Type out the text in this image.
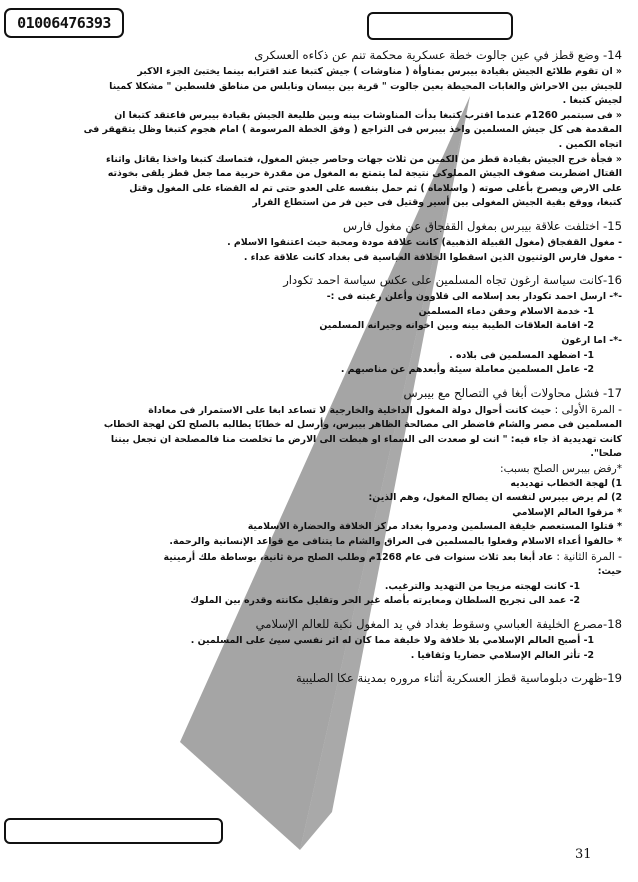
01006476393
14- وضع قطز في عين جالوت خطة عسكرية محكمة تنم عن ذكاءه العسكرى

« ان تقوم طلائع الجيش بقيادة بيبرس بمناوأة ( مناوشات ) جيش كتبغا عند اقترابه بينما يختبئ الجزء الاكبر

للجيش بين الاحراش والغابات المحيطة بعين جالوت " قرية بين بيسان ونابلس من مناطق فلسطين " مشكلا كمينا

لجيش كتبغا .

« فى سبتمبر 1260م عندما اقترب كتبغا بدأت المناوشات بينه وبين طليعة الجيش بقيادة بيبرس فاعتقد كتبغا ان

المقدمة هى كل جيش المسلمين واخذ بيبرس فى التراجع ( وفق الخطة المرسومة ) امام هجوم كتبغا وظل يتقهقر فى

اتجاه الكمين .

« فجأة خرج الجيش بقيادة قطز من الكمين من ثلاث جهات وحاصر جيش المغول، فتماسك كتبغا واخذا يقاتل واثناء

القتال اضطربت صفوف الجيش المملوكى نتيجة لما يتمتع به المغول من مقدرة حربية مما جعل قطز يلقى بخوذته

على الارض ويصرخ بأعلى صوته ( واسلاماه ) ثم حمل بنفسه على العدو حتى تم له القضاء على المغول وقتل

كتبغا، ووقع بقية الجيش المغولى بين أسير وقتيل فى حين فر من استطاع الفرار

15- اختلفت علاقة بيبرس بمغول القفجاق عن مغول فارس

- مغول القفجاق (مغول القبيلة الذهبية) كانت علاقة مودة ومحبة حيث اعتنقوا الاسلام .

- مغول فارس الوثنيون الذين اسقطوا الخلافة العباسية فى بغداد كانت علاقة عداء .

16-كانت سياسة ارغون تجاه المسلمين على عكس سياسة احمد تكودار

-*- ارسل احمد تكودار بعد إسلامه الى قلاوون وأعلن رغبته فى :-

1- خدمة الاسلام وحقن دماء المسلمين

2- اقامة العلاقات الطيبة بينه وبين اخوانه وجيرانه المسلمين

-*- اما ارغون

1- اضطهد المسلمين فى بلاده .

2- عامل المسلمين معاملة سيئة وأبعدهم عن مناصبهم .

17- فشل محاولات أبغا في التصالح مع بيبرس

- المرة الأولى : حيث كانت أحوال دولة المغول الداخلية والخارجية لا تساعد ابغا على الاستمرار فى معاداة

المسلمين فى مصر والشام فاضطر الى مصالحة الظاهر بيبرس، وأرسل له خطابًا يطالبه بالصلح لكن لهجة الخطاب

كانت تهديدية اذ جاء فيه: " انت لو صعدت الى السماء او هبطت الى الارض ما تخلصت منا فالمصلحة ان تجعل بيننا

صلحا".

*رفض بيبرس الصلح بسبب:

1) لهجة الخطاب تهديديه

2) لم يرض بيبرس لنفسه ان يصالح المغول، وهم الذين:

* مزقوا العالم الإسلامي

* قتلوا المستعصم خليفة المسلمين ودمروا بغداد مركز الخلافة والحضارة الاسلامية

* حالفوا أعداء الاسلام وفعلوا بالمسلمين فى العراق والشام ما يتنافى مع قواعد الإنسانية والرحمة.

- المرة الثانية : عاد أبغا بعد ثلاث سنوات فى عام 1268م وطلب الصلح مرة ثانية، بوساطة ملك أرمينية

حيث:

1- كانت لهجته مزيجا من التهديد والترغيب.

2- عمد الى تجريح السلطان ومعايرته بأصله غير الحر وتقليل مكانته وقدره بين الملوك

18-مصرع الخليفة العباسي وسقوط بغداد في يد المغول نكبة للعالم الإسلامي

1- أصبح العالم الإسلامي بلا خلافة ولا خليفة مما كان له اثر نفسي سيئ على المسلمين .

2- تأثر العالم الإسلامي حضاريا وثقافيا .

19-ظهرت دبلوماسية قطز العسكرية أثناء مروره بمدينة عكا الصليبية
31
